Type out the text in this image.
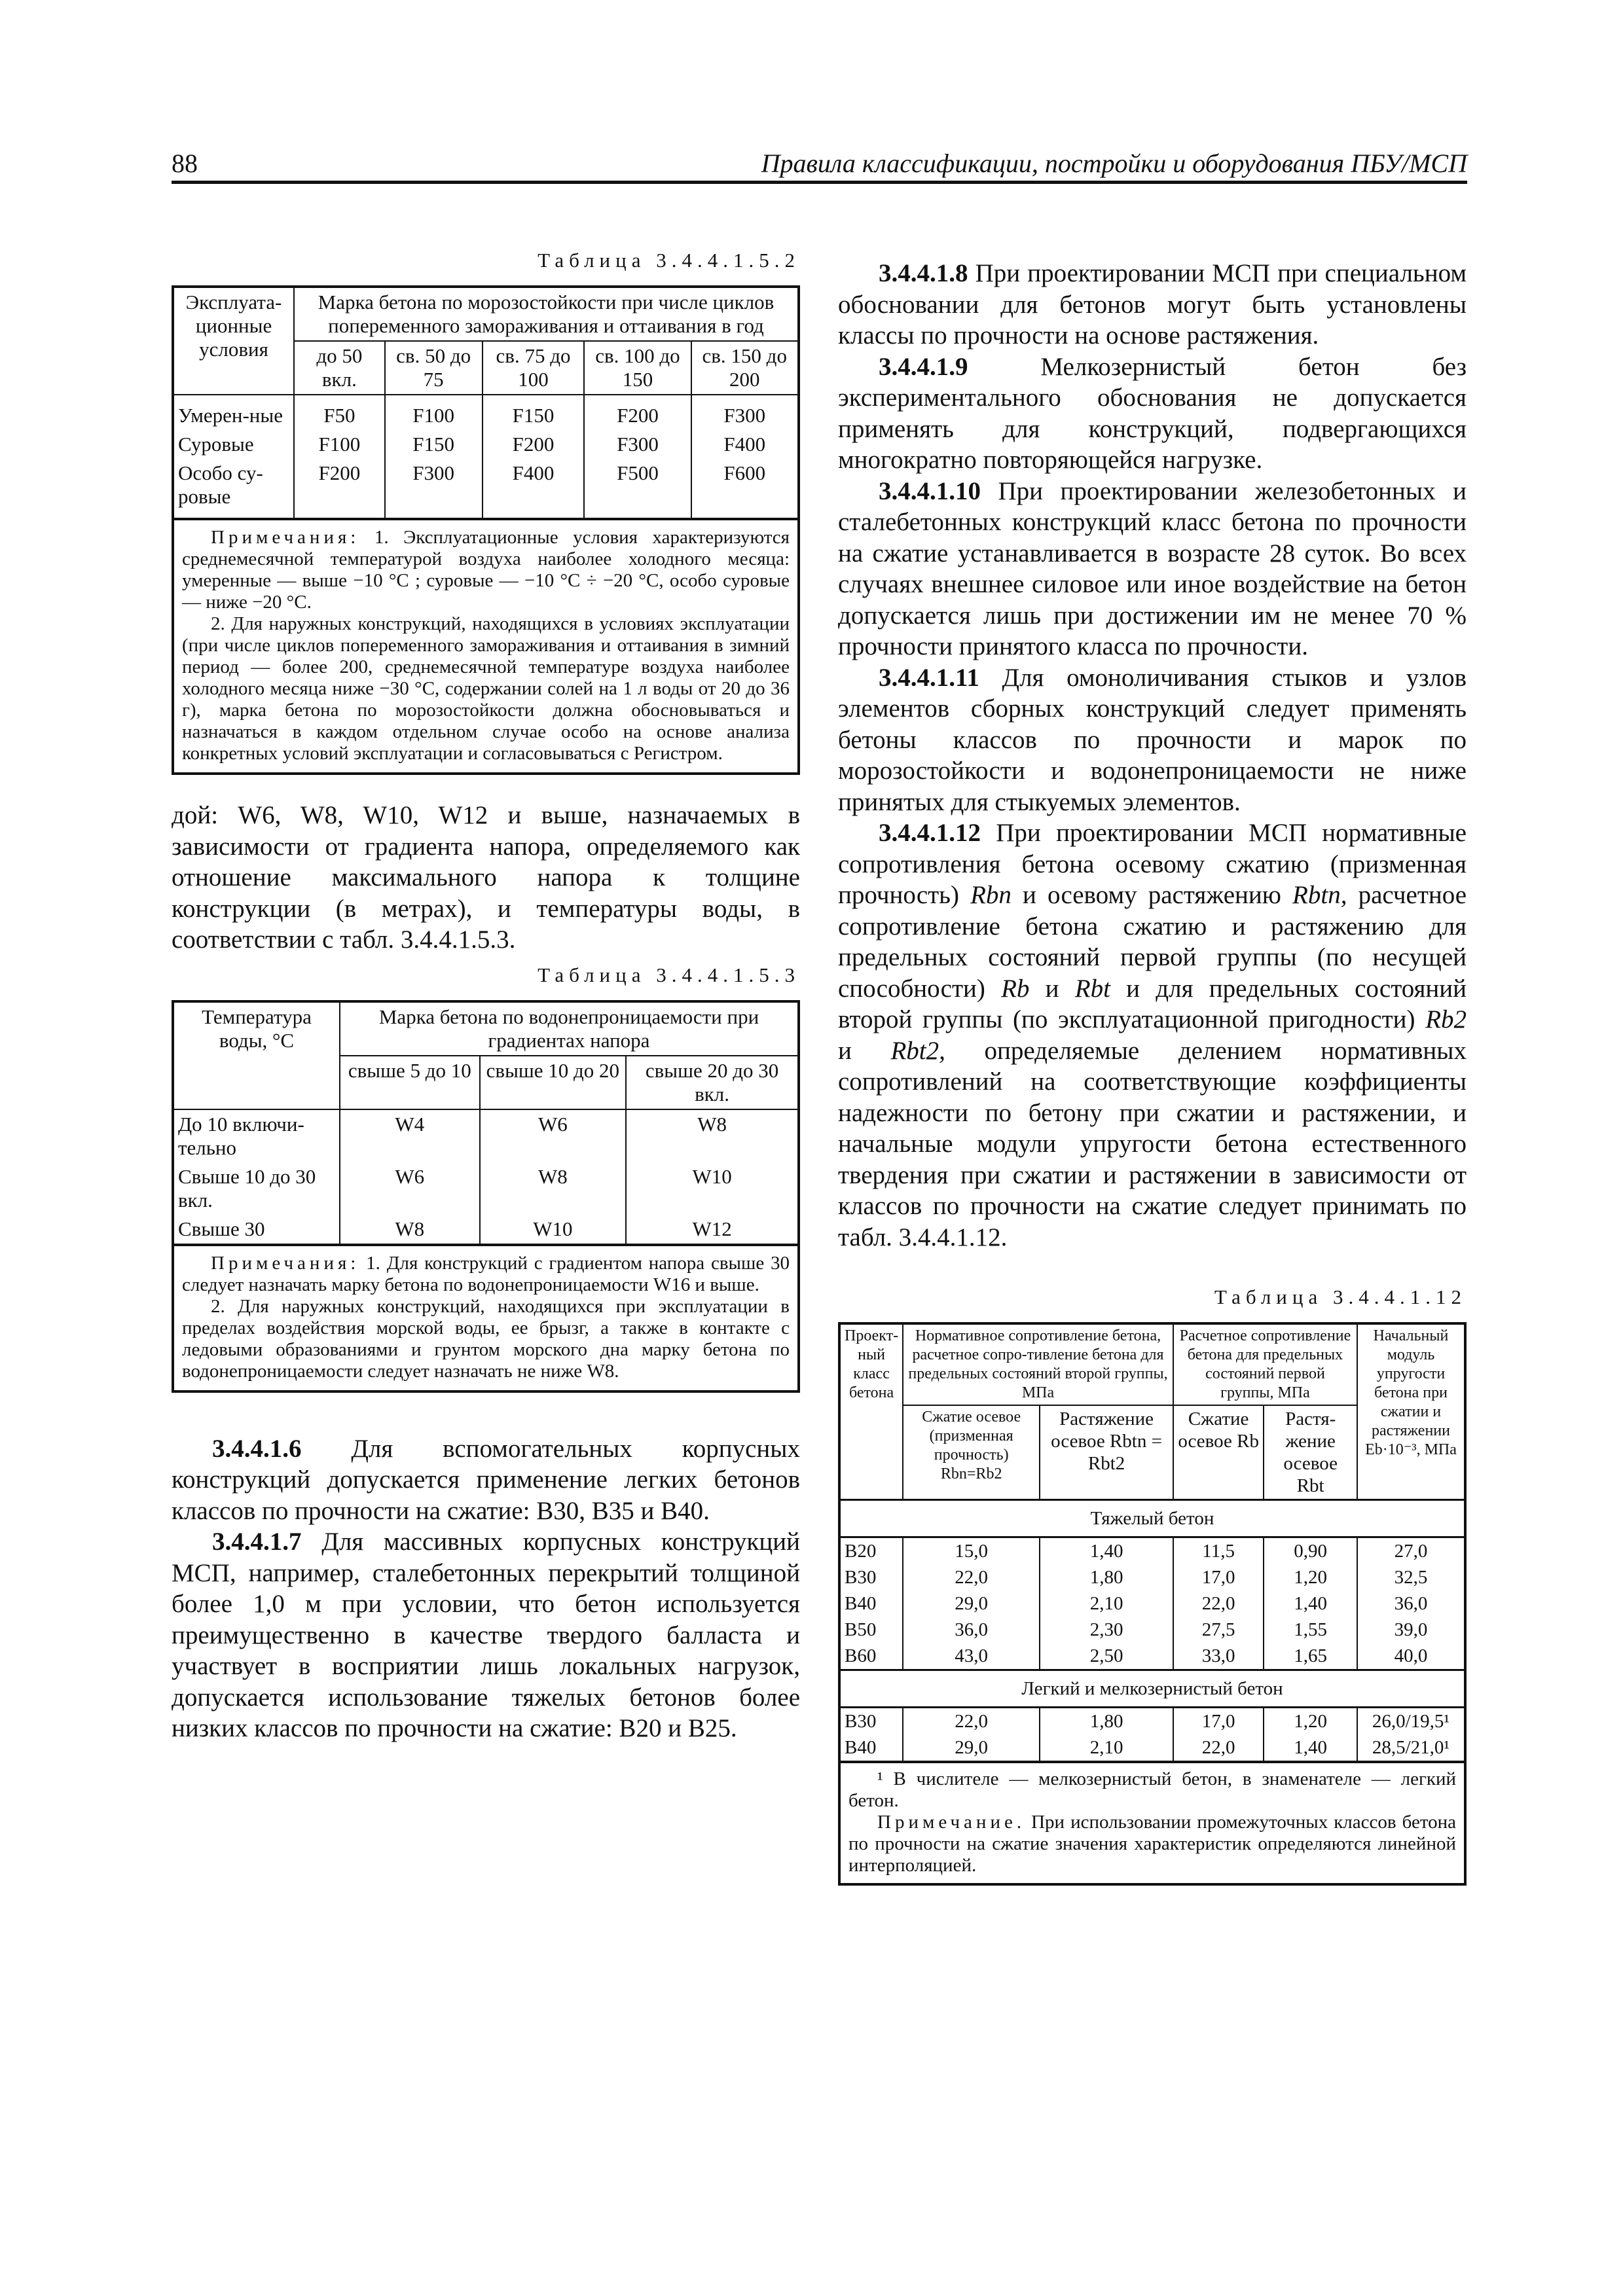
88	Правила классификации, постройки и оборудования ПБУ/МСП
Таблица 3.4.4.1.5.2
Эксплуата-ционные условия	Марка бетона по морозостойкости при числе циклов попеременного замораживания и оттаивания в год				
	до 50 вкл.	св. 50 до 75	св. 75 до 100	св. 100 до 150	св. 150 до 200

Умерен-ные	F50	F100	F150	F200	F300
Суровые	F100	F150	F200	F300	F400
Особо су-ровые	F200	F300	F400	F500	F600

Примечания: 1. Эксплуатационные условия характеризуются среднемесячной температурой воздуха наиболее холодного месяца: умеренные — выше −10 °С ; суровые — −10 °С ÷ −20 °С, особо суровые — ниже −20 °С.

2. Для наружных конструкций, находящихся в условиях эксплуатации (при числе циклов попеременного замораживания и оттаивания в зимний период — более 200, среднемесячной температуре воздуха наиболее холодного месяца ниже −30 °С, содержании солей на 1 л воды от 20 до 36 г), марка бетона по морозостойкости должна обосновываться и назначаться в каждом отдельном случае особо на основе анализа конкретных условий эксплуатации и согласовываться с Регистром.					

дой: W6, W8, W10, W12 и выше, назначаемых в зависимости от градиента напора, определяемого как отношение максимального напора к толщине конструкции (в метрах), и температуры воды, в соответствии с табл. 3.4.4.1.5.3.

Таблица 3.4.4.1.5.3
Температура воды, °С	Марка бетона по водонепроницаемости при градиентах напора		
	свыше 5 до 10	свыше 10 до 20	свыше 20 до 30 вкл.
До 10 включи-тельно	W4	W6	W8
Свыше 10 до 30 вкл.	W6	W8	W10
Свыше 30	W8	W10	W12

Примечания: 1. Для конструкций с градиентом напора свыше 30 следует назначать марку бетона по водонепроницаемости W16 и выше.

2. Для наружных конструкций, находящихся при эксплуатации в пределах воздействия морской воды, ее брызг, а также в контакте с ледовыми образованиями и грунтом морского дна марку бетона по водонепроницаемости следует назначать не ниже W8.			

3.4.4.1.6 Для вспомогательных корпусных конструкций допускается применение легких бетонов классов по прочности на сжатие: В30, В35 и В40.

3.4.4.1.7 Для массивных корпусных конструкций МСП, например, сталебетонных перекрытий толщиной более 1,0 м при условии, что бетон используется преимущественно в качестве твердого балласта и участвует в восприятии лишь локальных нагрузок, допускается использование тяжелых бетонов более низких классов по прочности на сжатие: В20 и В25.

3.4.4.1.8 При проектировании МСП при специальном обосновании для бетонов могут быть установлены классы по прочности на основе растяжения.

3.4.4.1.9	Мелкозернистый бетон без экспериментального обоснования не допускается применять для конструкций, подвергающихся многократно повторяющейся нагрузке.

3.4.4.1.10 При проектировании железобетонных и сталебетонных конструкций класс бетона по прочности на сжатие устанавливается в возрасте 28 суток. Во всех случаях внешнее силовое или иное воздействие на бетон допускается лишь при достижении им не менее 70 % прочности принятого класса по прочности.

3.4.4.1.11 Для омоноличивания стыков и узлов элементов сборных конструкций следует применять бетоны классов по прочности и марок по морозостойкости и водонепроницаемости не ниже принятых для стыкуемых элементов.

3.4.4.1.12 При проектировании МСП нормативные сопротивления бетона осевому сжатию (призменная прочность) Rbn и осевому растяжению Rbtn, расчетное сопротивление бетона сжатию и растяжению для предельных состояний первой группы (по несущей способности) Rb и Rbt и для предельных состояний второй группы (по эксплуатационной пригодности) Rb2 и Rbt2, определяемые делением нормативных сопротивлений на соответствующие коэффициенты надежности по бетону при сжатии и растяжении, и начальные модули упругости бетона естественного твердения при сжатии и растяжении в зависимости от классов по прочности на сжатие следует принимать по табл. 3.4.4.1.12.

Таблица 3.4.4.1.12
Проект-ный класс бетона	Нормативное сопротивление бетона, расчетное сопро-тивление бетона для предельных состояний второй группы, МПа		Расчетное сопротивление бетона для предельных состояний первой группы, МПа		Начальный модуль упругости бетона при сжатии и растяжении Eb·10⁻³, МПа
	Сжатие осевое (призменная прочность) Rbn=Rb2	Растяжение осевое Rbtn = Rbt2	Сжатие осевое Rb	Растя-жение осевое Rbt	
Тяжелый бетон					
В20	15,0	1,40	11,5	0,90	27,0
В30	22,0	1,80	17,0	1,20	32,5
В40	29,0	2,10	22,0	1,40	36,0
В50	36,0	2,30	27,5	1,55	39,0
В60	43,0	2,50	33,0	1,65	40,0
Легкий и мелкозернистый бетон					
В30	22,0	1,80	17,0	1,20	26,0/19,5¹
В40	29,0	2,10	22,0	1,40	28,5/21,0¹

¹ В числителе — мелкозернистый бетон, в знаменателе — легкий бетон.

Примечание. При использовании промежуточных классов бетона по прочности на сжатие значения характеристик определяются линейной интерполяцией.					
